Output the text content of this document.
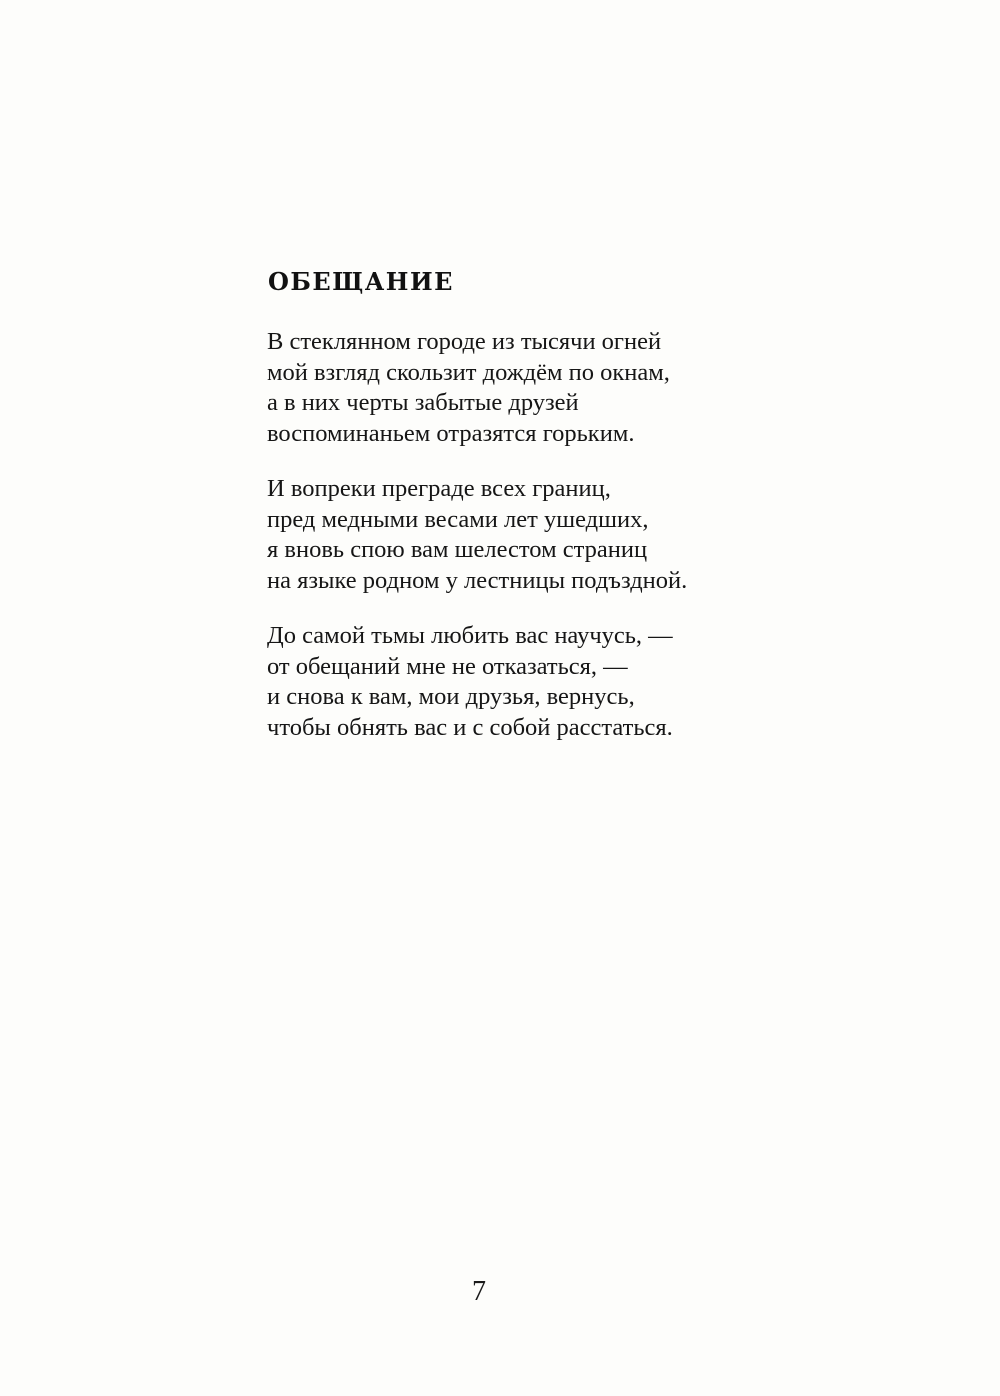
ОБЕЩАНИЕ

В стеклянном городе из тысячи огней
мой взгляд скользит дождём по окнам,
а в них черты забытые друзей
воспоминаньем отразятся горьким.

И вопреки преграде всех границ,
пред медными весами лет ушедших,
я вновь спою вам шелестом страниц
на языке родном у лестницы подъздной.

До самой тьмы любить вас научусь, —
от обещаний мне не отказаться, —
и снова к вам, мои друзья, вернусь,
чтобы обнять вас и с собой расстаться.

7
